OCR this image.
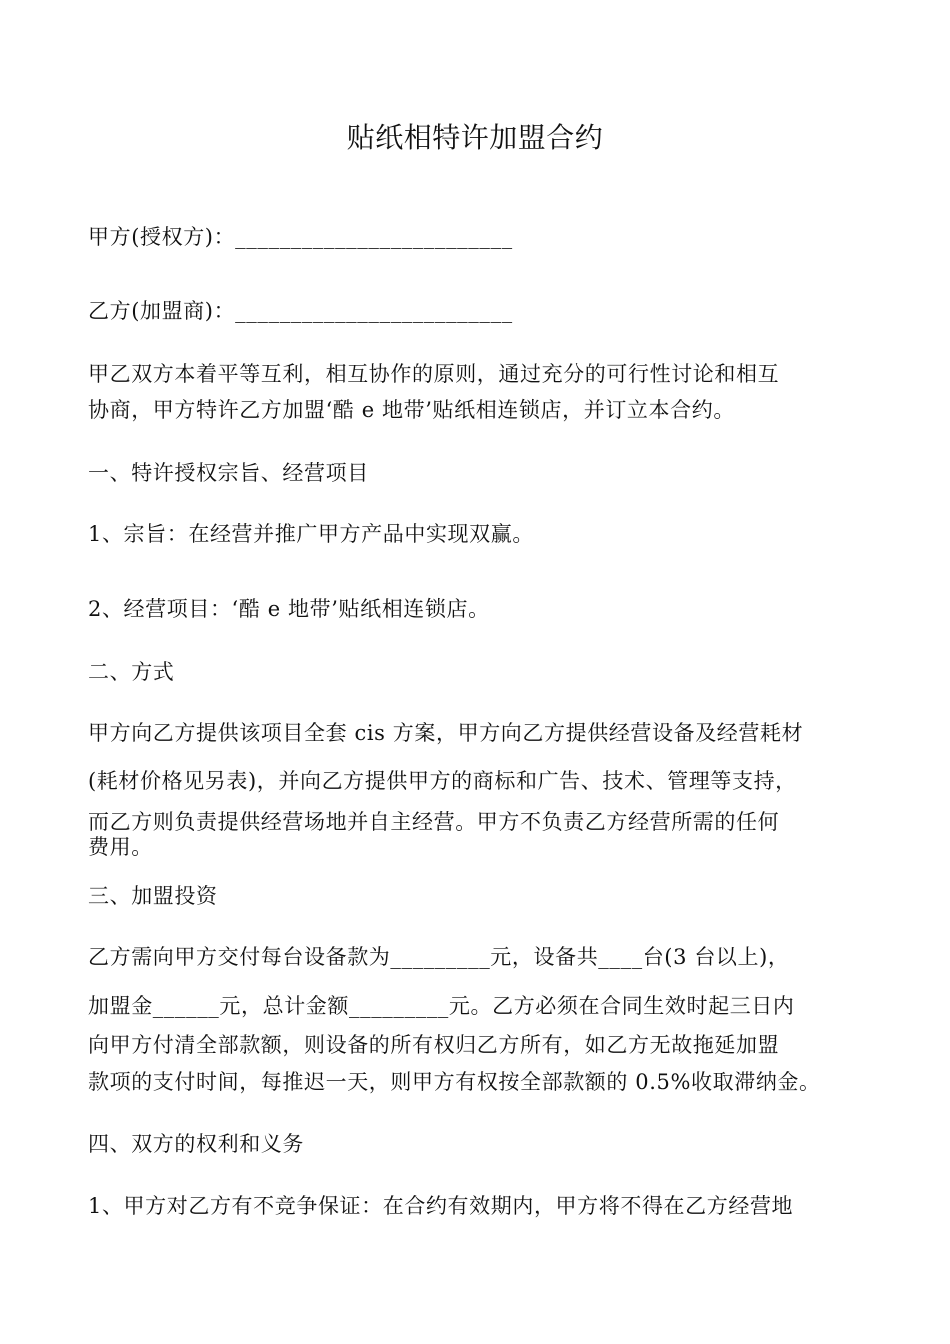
贴纸相特许加盟合约
甲方(授权方)：_________________________
乙方(加盟商)：_________________________
甲乙双方本着平等互利，相互协作的原则，通过充分的可行性讨论和相互
协商，甲方特许乙方加盟‘酷 e 地带’贴纸相连锁店，并订立本合约。
一、特许授权宗旨、经营项目
1、宗旨：在经营并推广甲方产品中实现双赢。
2、经营项目：‘酷 e 地带’贴纸相连锁店。
二、方式
甲方向乙方提供该项目全套 cis 方案，甲方向乙方提供经营设备及经营耗材
(耗材价格见另表)，并向乙方提供甲方的商标和广告、技术、管理等支持，
而乙方则负责提供经营场地并自主经营。甲方不负责乙方经营所需的任何
费用。
三、加盟投资
乙方需向甲方交付每台设备款为_________元，设备共____台(3 台以上)，
加盟金______元，总计金额_________元。乙方必须在合同生效时起三日内
向甲方付清全部款额，则设备的所有权归乙方所有，如乙方无故拖延加盟
款项的支付时间，每推迟一天，则甲方有权按全部款额的 0.5%收取滞纳金。
四、双方的权利和义务
1、甲方对乙方有不竞争保证：在合约有效期内，甲方将不得在乙方经营地
